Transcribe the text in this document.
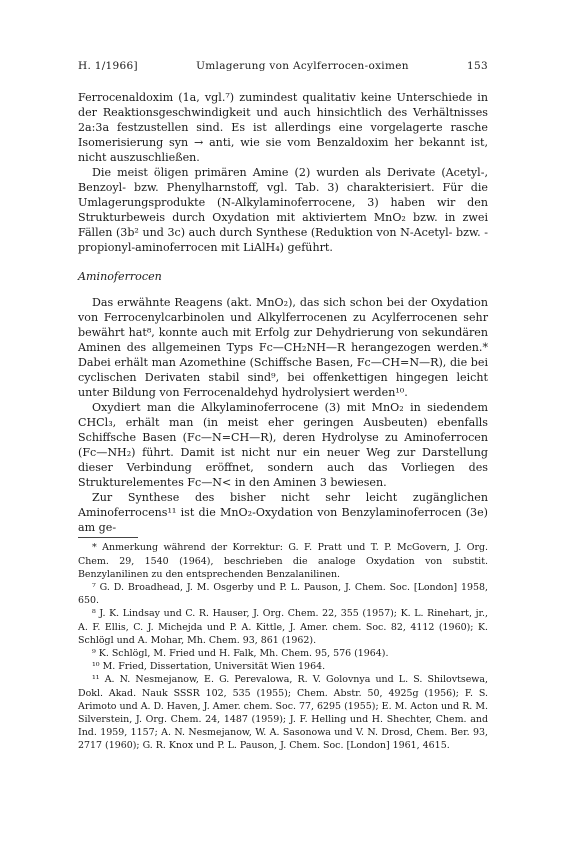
H. 1/1966]	Umlagerung von Acylferrocen-oximen	153

Ferrocenaldoxim (1a, vgl.⁷) zumindest qualitativ keine Unterschiede in der Reaktionsgeschwindigkeit und auch hinsichtlich des Verhältnisses 2a:3a festzustellen sind. Es ist allerdings eine vorgelagerte rasche Isomerisierung syn → anti, wie sie vom Benzaldoxim her bekannt ist, nicht auszuschließen.

Die meist öligen primären Amine (2) wurden als Derivate (Acetyl-, Benzoyl- bzw. Phenylharnstoff, vgl. Tab. 3) charakterisiert. Für die Umlagerungsprodukte (N-Alkylaminoferrocene, 3) haben wir den Strukturbeweis durch Oxydation mit aktiviertem MnO₂ bzw. in zwei Fällen (3b² und 3c) auch durch Synthese (Reduktion von N-Acetyl- bzw. -propionyl-aminoferrocen mit LiAlH₄) geführt.

Aminoferrocen

Das erwähnte Reagens (akt. MnO₂), das sich schon bei der Oxydation von Ferrocenylcarbinolen und Alkylferrocenen zu Acylferrocenen sehr bewährt hat⁸, konnte auch mit Erfolg zur Dehydrierung von sekundären Aminen des allgemeinen Typs Fc—CH₂NH—R herangezogen werden.* Dabei erhält man Azomethine (Schiffsche Basen, Fc—CH=N—R), die bei cyclischen Derivaten stabil sind⁹, bei offenkettigen hingegen leicht unter Bildung von Ferrocenaldehyd hydrolysiert werden¹⁰.

Oxydiert man die Alkylaminoferrocene (3) mit MnO₂ in siedendem CHCl₃, erhält man (in meist eher geringen Ausbeuten) ebenfalls Schiffsche Basen (Fc—N=CH—R), deren Hydrolyse zu Aminoferrocen (Fc—NH₂) führt. Damit ist nicht nur ein neuer Weg zur Darstellung dieser Verbindung eröffnet, sondern auch das Vorliegen des Strukturelementes Fc—N< in den Aminen 3 bewiesen.

Zur Synthese des bisher nicht sehr leicht zugänglichen Aminoferrocens¹¹ ist die MnO₂-Oxydation von Benzylaminoferrocen (3e) am ge-

* Anmerkung während der Korrektur: G. F. Pratt und T. P. McGovern, J. Org. Chem. 29, 1540 (1964), beschrieben die analoge Oxydation von substit. Benzylanilinen zu den entsprechenden Benzalanilinen.

⁷ G. D. Broadhead, J. M. Osgerby und P. L. Pauson, J. Chem. Soc. [London] 1958, 650.

⁸ J. K. Lindsay und C. R. Hauser, J. Org. Chem. 22, 355 (1957); K. L. Rinehart, jr., A. F. Ellis, C. J. Michejda und P. A. Kittle, J. Amer. chem. Soc. 82, 4112 (1960); K. Schlögl und A. Mohar, Mh. Chem. 93, 861 (1962).

⁹ K. Schlögl, M. Fried und H. Falk, Mh. Chem. 95, 576 (1964).

¹⁰ M. Fried, Dissertation, Universität Wien 1964.

¹¹ A. N. Nesmejanow, E. G. Perevalowa, R. V. Golovnya und L. S. Shilovtsewa, Dokl. Akad. Nauk SSSR 102, 535 (1955); Chem. Abstr. 50, 4925g (1956); F. S. Arimoto und A. D. Haven, J. Amer. chem. Soc. 77, 6295 (1955); E. M. Acton und R. M. Silverstein, J. Org. Chem. 24, 1487 (1959); J. F. Helling und H. Shechter, Chem. and Ind. 1959, 1157; A. N. Nesmejanow, W. A. Sasonowa und V. N. Drosd, Chem. Ber. 93, 2717 (1960); G. R. Knox und P. L. Pauson, J. Chem. Soc. [London] 1961, 4615.
